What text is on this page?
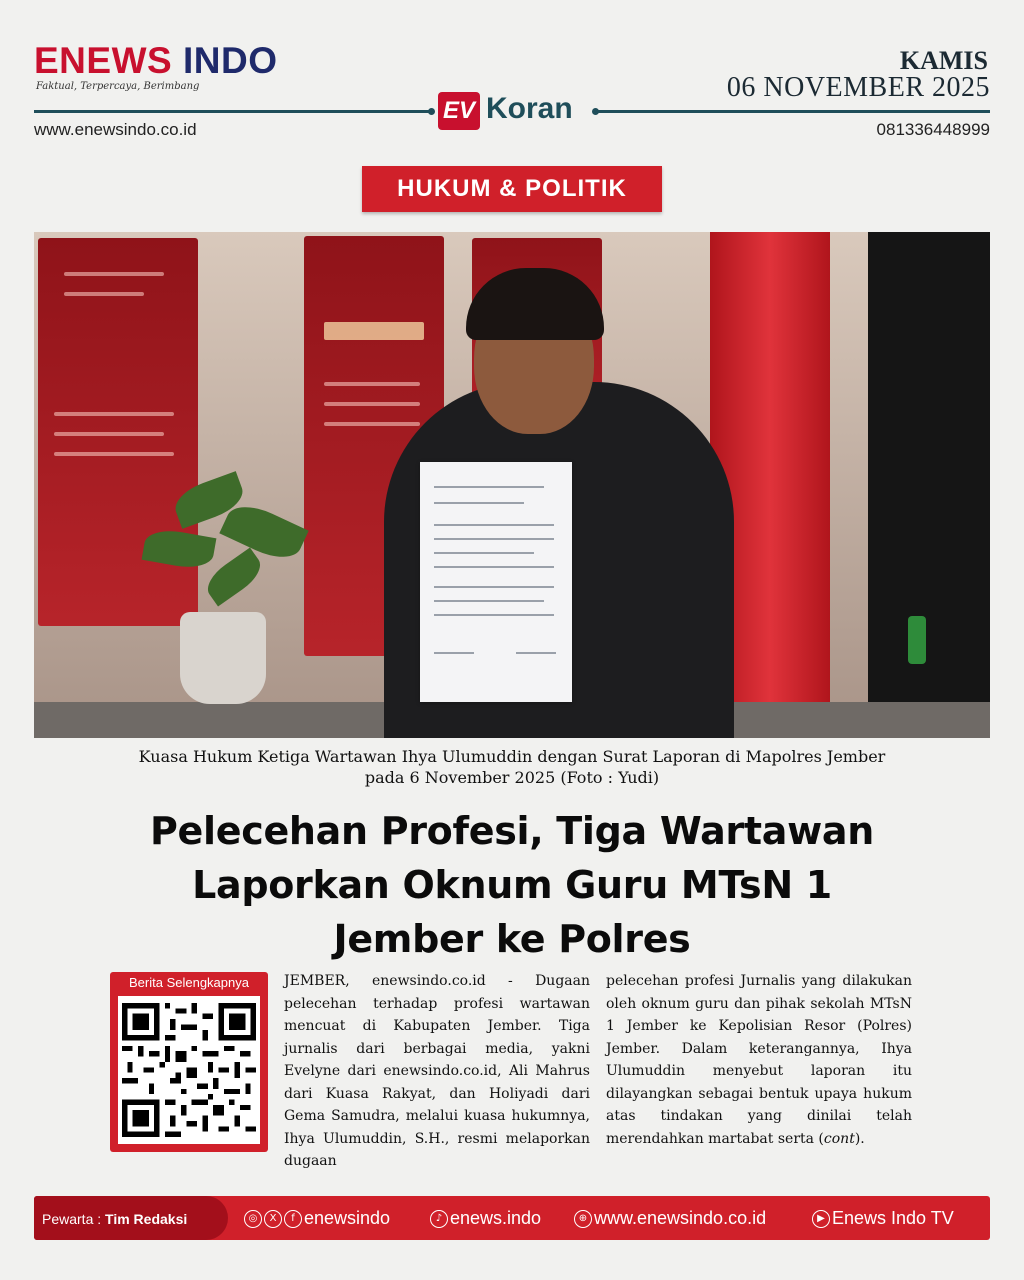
ENEWS INDO
Faktual, Terpercaya, Berimbang
KAMIS
06 NOVEMBER 2025
EV Koran
www.enewsindo.co.id	081336448999
HUKUM & POLITIK
Kuasa Hukum Ketiga Wartawan Ihya Ulumuddin dengan Surat Laporan di Mapolres Jember
pada 6 November 2025 (Foto : Yudi)
Pelecehan Profesi, Tiga Wartawan
Laporkan Oknum Guru MTsN 1
Jember ke Polres
Berita Selengkapnya	JEMBER, enewsindo.co.id - Dugaan pelecehan terhadap profesi wartawan mencuat di Kabupaten Jember. Tiga jurnalis dari berbagai media, yakni Evelyne dari enewsindo.co.id, Ali Mahrus dari Kuasa Rakyat, dan Holiyadi dari Gema Samudra, melalui kuasa hukumnya, Ihya Ulumuddin, S.H., resmi melaporkan dugaan
pelecehan profesi Jurnalis yang dilakukan oleh oknum guru dan pihak sekolah MTsN 1 Jember ke Kepolisian Resor (Polres) Jember. Dalam keterangannya, Ihya Ulumuddin menyebut laporan itu dilayangkan sebagai bentuk upaya hukum atas tindakan yang dinilai telah merendahkan martabat serta (cont).
Pewarta : Tim Redaksi	◎ X f enewsindo	♪ enews.indo	⊕ www.enewsindo.co.id	▶ Enews Indo TV
